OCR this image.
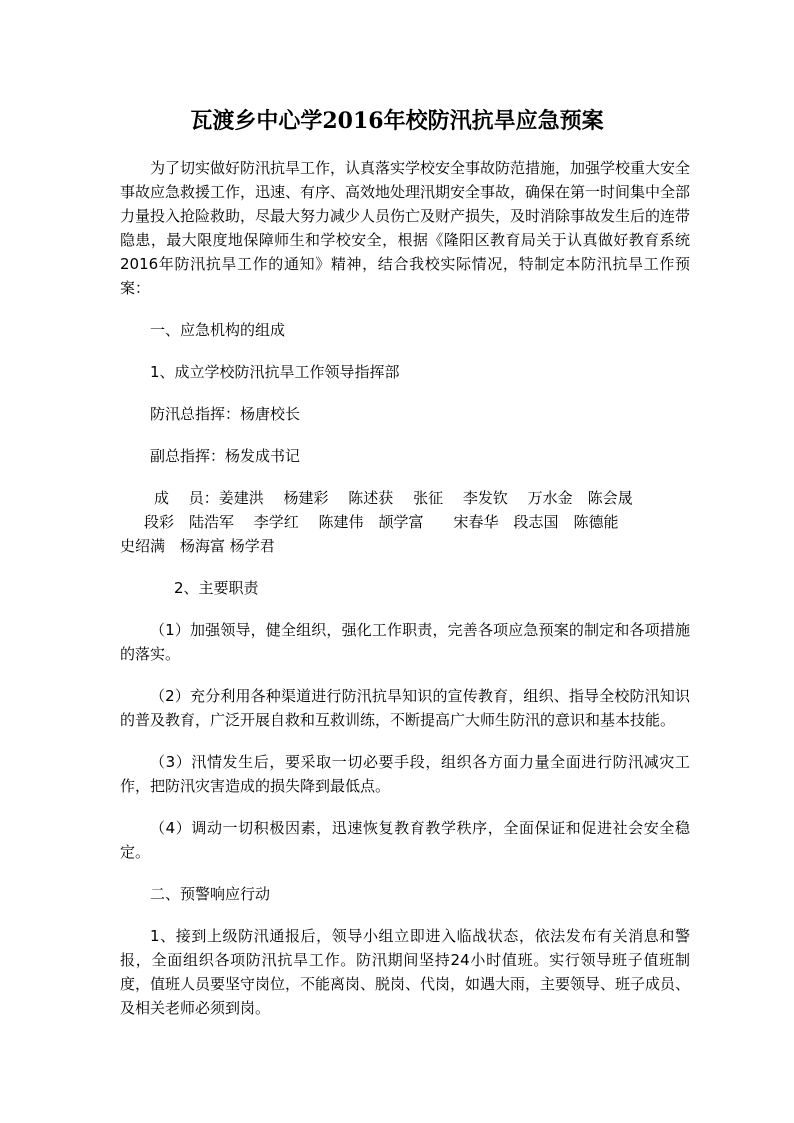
瓦渡乡中心学2016年校防汛抗旱应急预案

为了切实做好防汛抗旱工作，认真落实学校安全事故防范措施，加强学校重大安全事故应急救援工作，迅速、有序、高效地处理汛期安全事故，确保在第一时间集中全部力量投入抢险救助，尽最大努力减少人员伤亡及财产损失，及时消除事故发生后的连带隐患，最大限度地保障师生和学校安全，根据《隆阳区教育局关于认真做好教育系统2016年防汛抗旱工作的通知》精神，结合我校实际情况，特制定本防汛抗旱工作预案：

一、应急机构的组成

1、成立学校防汛抗旱工作领导指挥部

防汛总指挥：杨唐校长

副总指挥：杨发成书记

成　 员：姜建洪　 杨建彩　 陈述获　 张征　 李发钦　 万水金　陈会晟

段彩　陆浩军　 李学红　 陈建伟　颉学富　　宋春华　段志国　陈德能

史绍满　杨海富 杨学君

2、主要职责

（1）加强领导，健全组织，强化工作职责，完善各项应急预案的制定和各项措施的落实。

（2）充分利用各种渠道进行防汛抗旱知识的宣传教育，组织、指导全校防汛知识的普及教育，广泛开展自救和互救训练，不断提高广大师生防汛的意识和基本技能。

（3）汛情发生后，要采取一切必要手段，组织各方面力量全面进行防汛减灾工作，把防汛灾害造成的损失降到最低点。

（4）调动一切积极因素，迅速恢复教育教学秩序，全面保证和促进社会安全稳定。

二、预警响应行动

1、接到上级防汛通报后，领导小组立即进入临战状态，依法发布有关消息和警报，全面组织各项防汛抗旱工作。防汛期间坚持24小时值班。实行领导班子值班制度，值班人员要坚守岗位，不能离岗、脱岗、代岗，如遇大雨，主要领导、班子成员、及相关老师必须到岗。
